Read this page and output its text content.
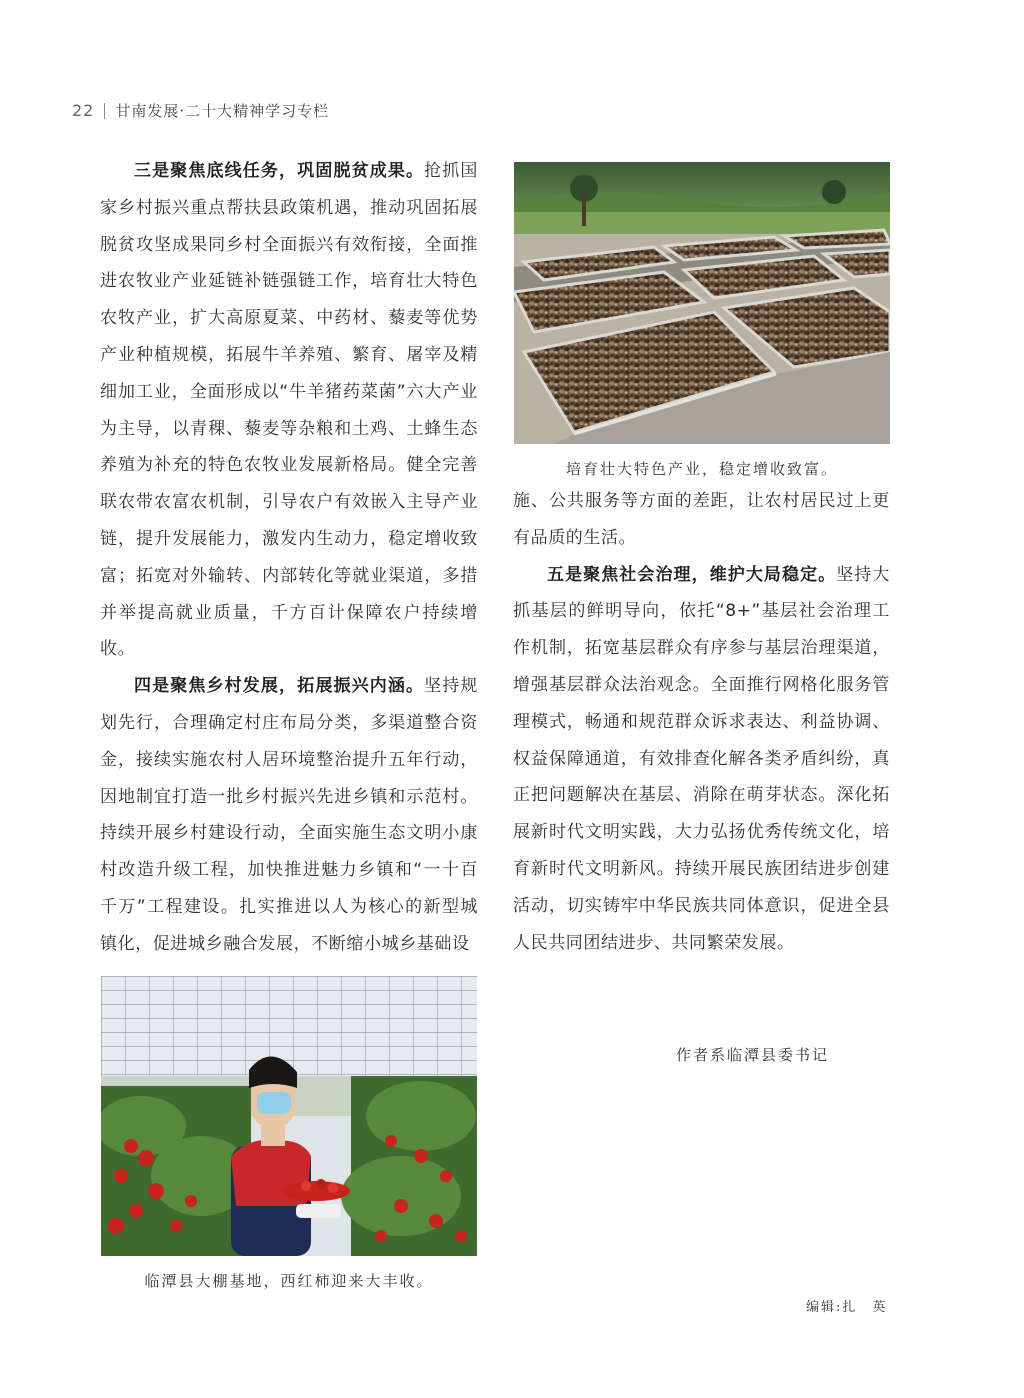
22 甘南发展·二十大精神学习专栏

三是聚焦底线任务，巩固脱贫成果。抢抓国家乡村振兴重点帮扶县政策机遇，推动巩固拓展脱贫攻坚成果同乡村全面振兴有效衔接，全面推进农牧业产业延链补链强链工作，培育壮大特色农牧产业，扩大高原夏菜、中药材、藜麦等优势产业种植规模，拓展牛羊养殖、繁育、屠宰及精细加工业，全面形成以“牛羊猪药菜菌”六大产业为主导，以青稞、藜麦等杂粮和土鸡、土蜂生态养殖为补充的特色农牧业发展新格局。健全完善联农带农富农机制，引导农户有效嵌入主导产业链，提升发展能力，激发内生动力，稳定增收致富；拓宽对外输转、内部转化等就业渠道，多措并举提高就业质量，千方百计保障农户持续增收。

四是聚焦乡村发展，拓展振兴内涵。坚持规划先行，合理确定村庄布局分类，多渠道整合资金，接续实施农村人居环境整治提升五年行动，因地制宜打造一批乡村振兴先进乡镇和示范村。持续开展乡村建设行动，全面实施生态文明小康村改造升级工程，加快推进魅力乡镇和“一十百千万”工程建设。扎实推进以人为核心的新型城镇化，促进城乡融合发展，不断缩小城乡基础设

培育壮大特色产业，稳定增收致富。

施、公共服务等方面的差距，让农村居民过上更有品质的生活。

五是聚焦社会治理，维护大局稳定。坚持大抓基层的鲜明导向，依托“8+”基层社会治理工作机制，拓宽基层群众有序参与基层治理渠道，增强基层群众法治观念。全面推行网格化服务管理模式，畅通和规范群众诉求表达、利益协调、权益保障通道，有效排查化解各类矛盾纠纷，真正把问题解决在基层、消除在萌芽状态。深化拓展新时代文明实践，大力弘扬优秀传统文化，培育新时代文明新风。持续开展民族团结进步创建活动，切实铸牢中华民族共同体意识，促进全县人民共同团结进步、共同繁荣发展。

作者系临潭县委书记
临潭县大棚基地，西红柿迎来大丰收。
编辑:扎　英
